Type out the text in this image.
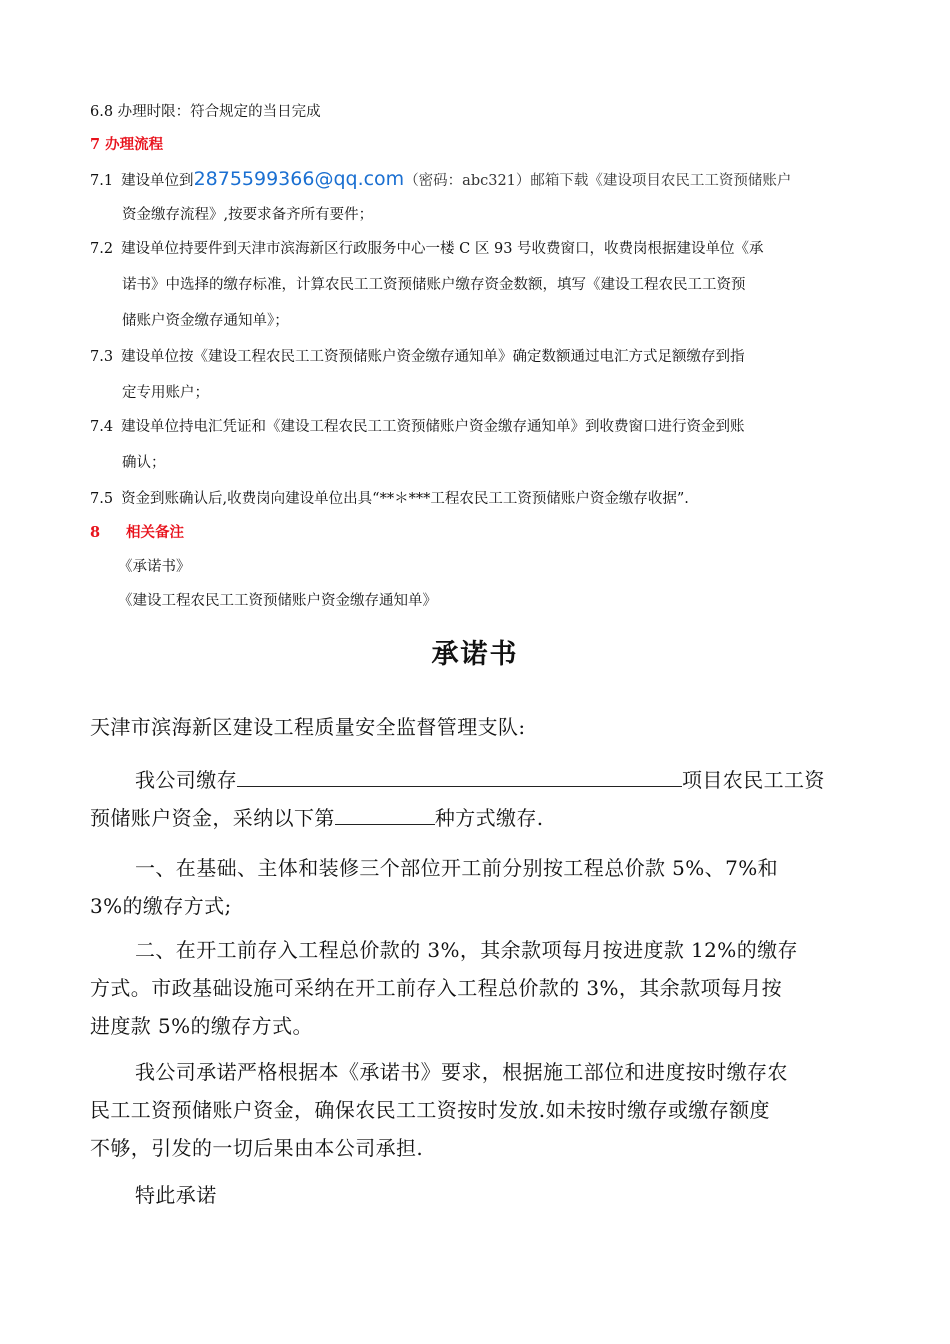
6.8 办理时限：符合规定的当日完成
7 办理流程
7.1 建设单位到2875599366@qq.com（密码：abc321）邮箱下载《建设项目农民工工资预储账户
资金缴存流程》,按要求备齐所有要件；
7.2 建设单位持要件到天津市滨海新区行政服务中心一楼 C 区 93 号收费窗口，收费岗根据建设单位《承
诺书》中选择的缴存标准，计算农民工工资预储账户缴存资金数额，填写《建设工程农民工工资预
储账户资金缴存通知单》；
7.3 建设单位按《建设工程农民工工资预储账户资金缴存通知单》确定数额通过电汇方式足额缴存到指
定专用账户；
7.4 建设单位持电汇凭证和《建设工程农民工工资预储账户资金缴存通知单》到收费窗口进行资金到账
确认；
7.5 资金到账确认后,收费岗向建设单位出具“**＊***工程农民工工资预储账户资金缴存收据”.
8 相关备注
《承诺书》
《建设工程农民工工资预储账户资金缴存通知单》
承诺书
天津市滨海新区建设工程质量安全监督管理支队:
我公司缴存	项目农民工工资
预储账户资金，采纳以下第	种方式缴存.
一、在基础、主体和装修三个部位开工前分别按工程总价款 5%、7%和
3%的缴存方式;
二、在开工前存入工程总价款的 3%，其余款项每月按进度款 12%的缴存
方式。市政基础设施可采纳在开工前存入工程总价款的 3%，其余款项每月按
进度款 5%的缴存方式。
我公司承诺严格根据本《承诺书》要求，根据施工部位和进度按时缴存农
民工工资预储账户资金，确保农民工工资按时发放.如未按时缴存或缴存额度
不够，引发的一切后果由本公司承担.
特此承诺
